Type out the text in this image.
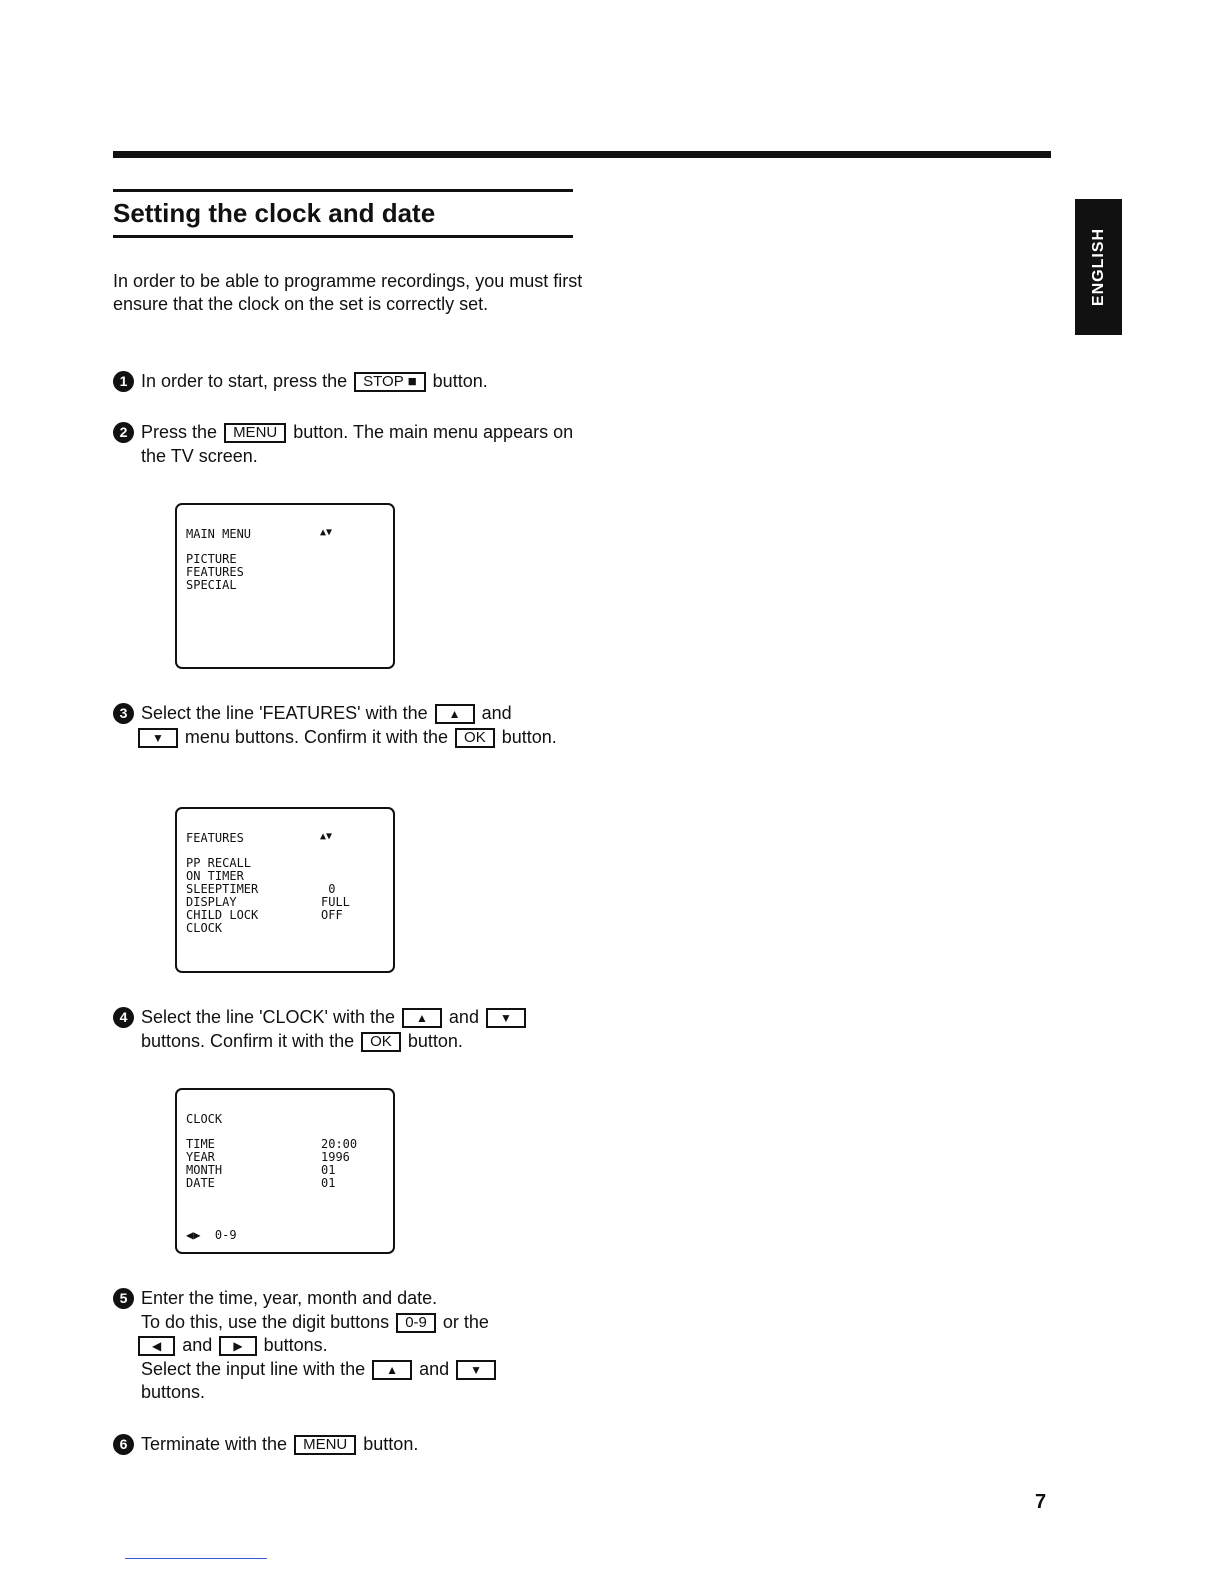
ENGLISH
Setting the clock and date
In order to be able to programme recordings, you must first ensure that the clock on the set is correctly set.
1 In order to start, press the STOP ■ button.
2 Press the MENU button. The main menu appears on the TV screen.
MAIN MENU	▲▼
PICTURE
FEATURES
SPECIAL
3 Select the line 'FEATURES' with the ▲ and
▼ menu buttons. Confirm it with the OK button.
FEATURES	▲▼
PP RECALL
ON TIMER
SLEEPTIMER	0
DISPLAY	FULL
CHILD LOCK	OFF
CLOCK
4 Select the line 'CLOCK' with the ▲ and ▼
buttons. Confirm it with the OK button.
CLOCK
TIME	20:00
YEAR	1996
MONTH	01
DATE	01
◀▶  0-9
5 Enter the time, year, month and date.
To do this, use the digit buttons 0-9 or the
◀ and ▶ buttons.
Select the input line with the ▲ and ▼
buttons.
6 Terminate with the MENU button.
7
